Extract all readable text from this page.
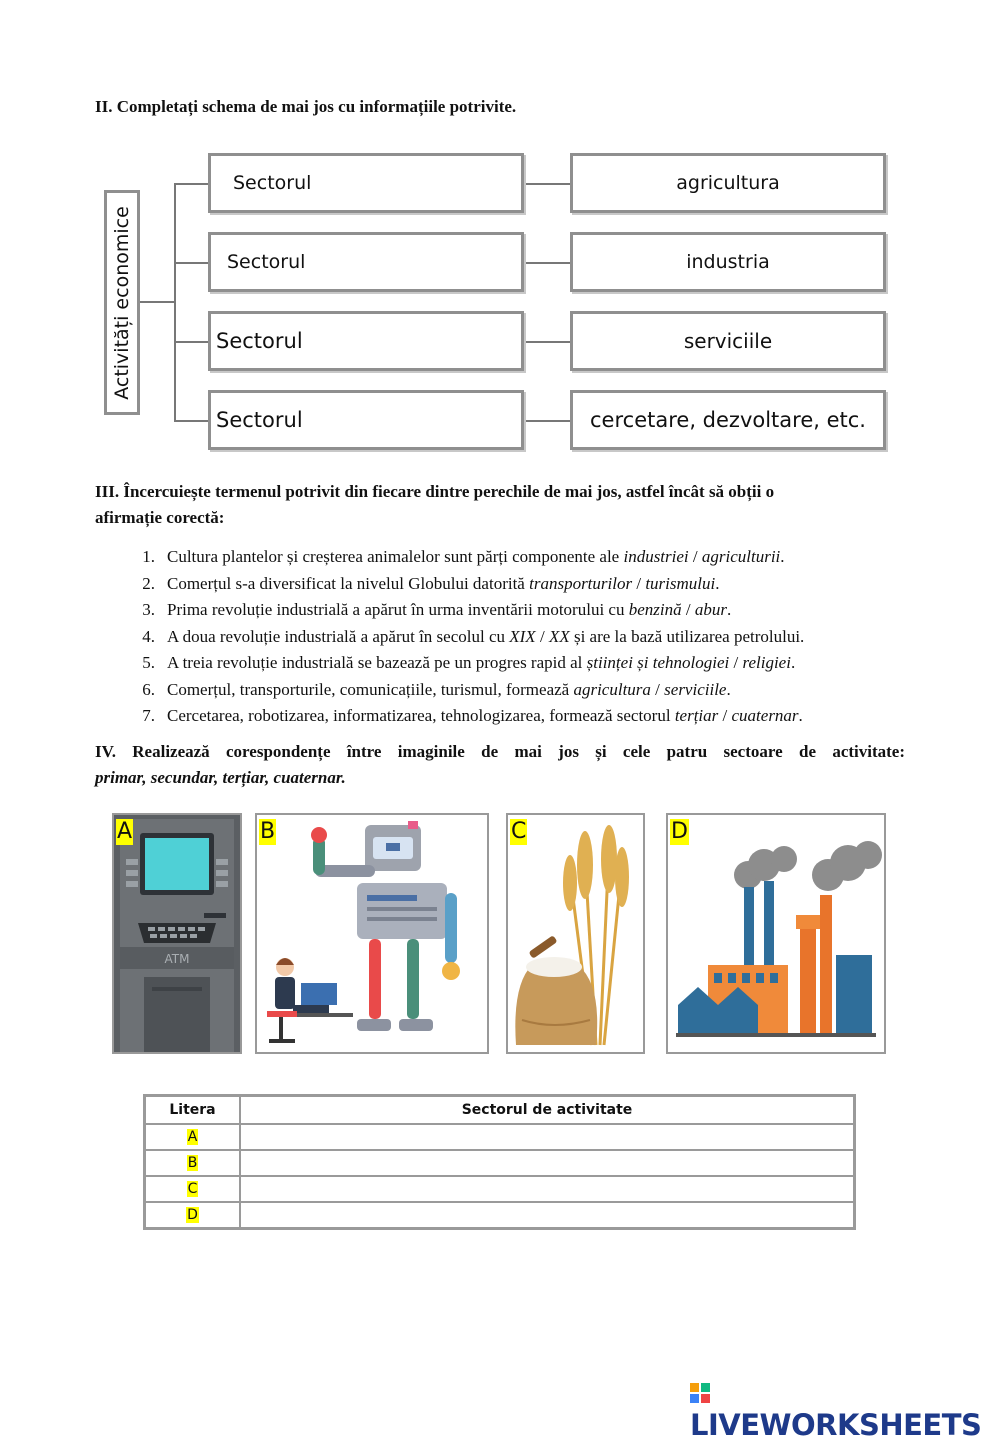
II. Completați schema de mai jos cu informațiile potrivite.
Activități economice
Sectorul	agricultura
Sectorul	industria
Sectorul	serviciile
Sectorul	cercetare, dezvoltare, etc.
III. Încercuiește termenul potrivit din fiecare dintre perechile de mai jos, astfel încât să obții o
afirmație corectă:
1. Cultura plantelor și creșterea animalelor sunt părți componente ale industriei / agriculturii.
2. Comerțul s-a diversificat la nivelul Globului datorită transporturilor / turismului.
3. Prima revoluție industrială a apărut în urma inventării motorului cu benzină / abur.
4. A doua revoluție industrială a apărut în secolul cu XIX / XX și are la bază utilizarea petrolului.
5. A treia revoluție industrială se bazează pe un progres rapid al științei și tehnologiei / religiei.
6. Comerțul, transporturile, comunicațiile, turismul, formează agricultura / serviciile.
7. Cercetarea, robotizarea, informatizarea, tehnologizarea, formează sectorul terțiar / cuaternar.
IV. Realizează corespondențe între imaginile de mai jos și cele patru sectoare de activitate:
primar, secundar, terțiar, cuaternar.
ATM
A	B	C	D
Litera	Sectorul de activitate
A	
B	
C	
D	
LIVEWORKSHEETS
